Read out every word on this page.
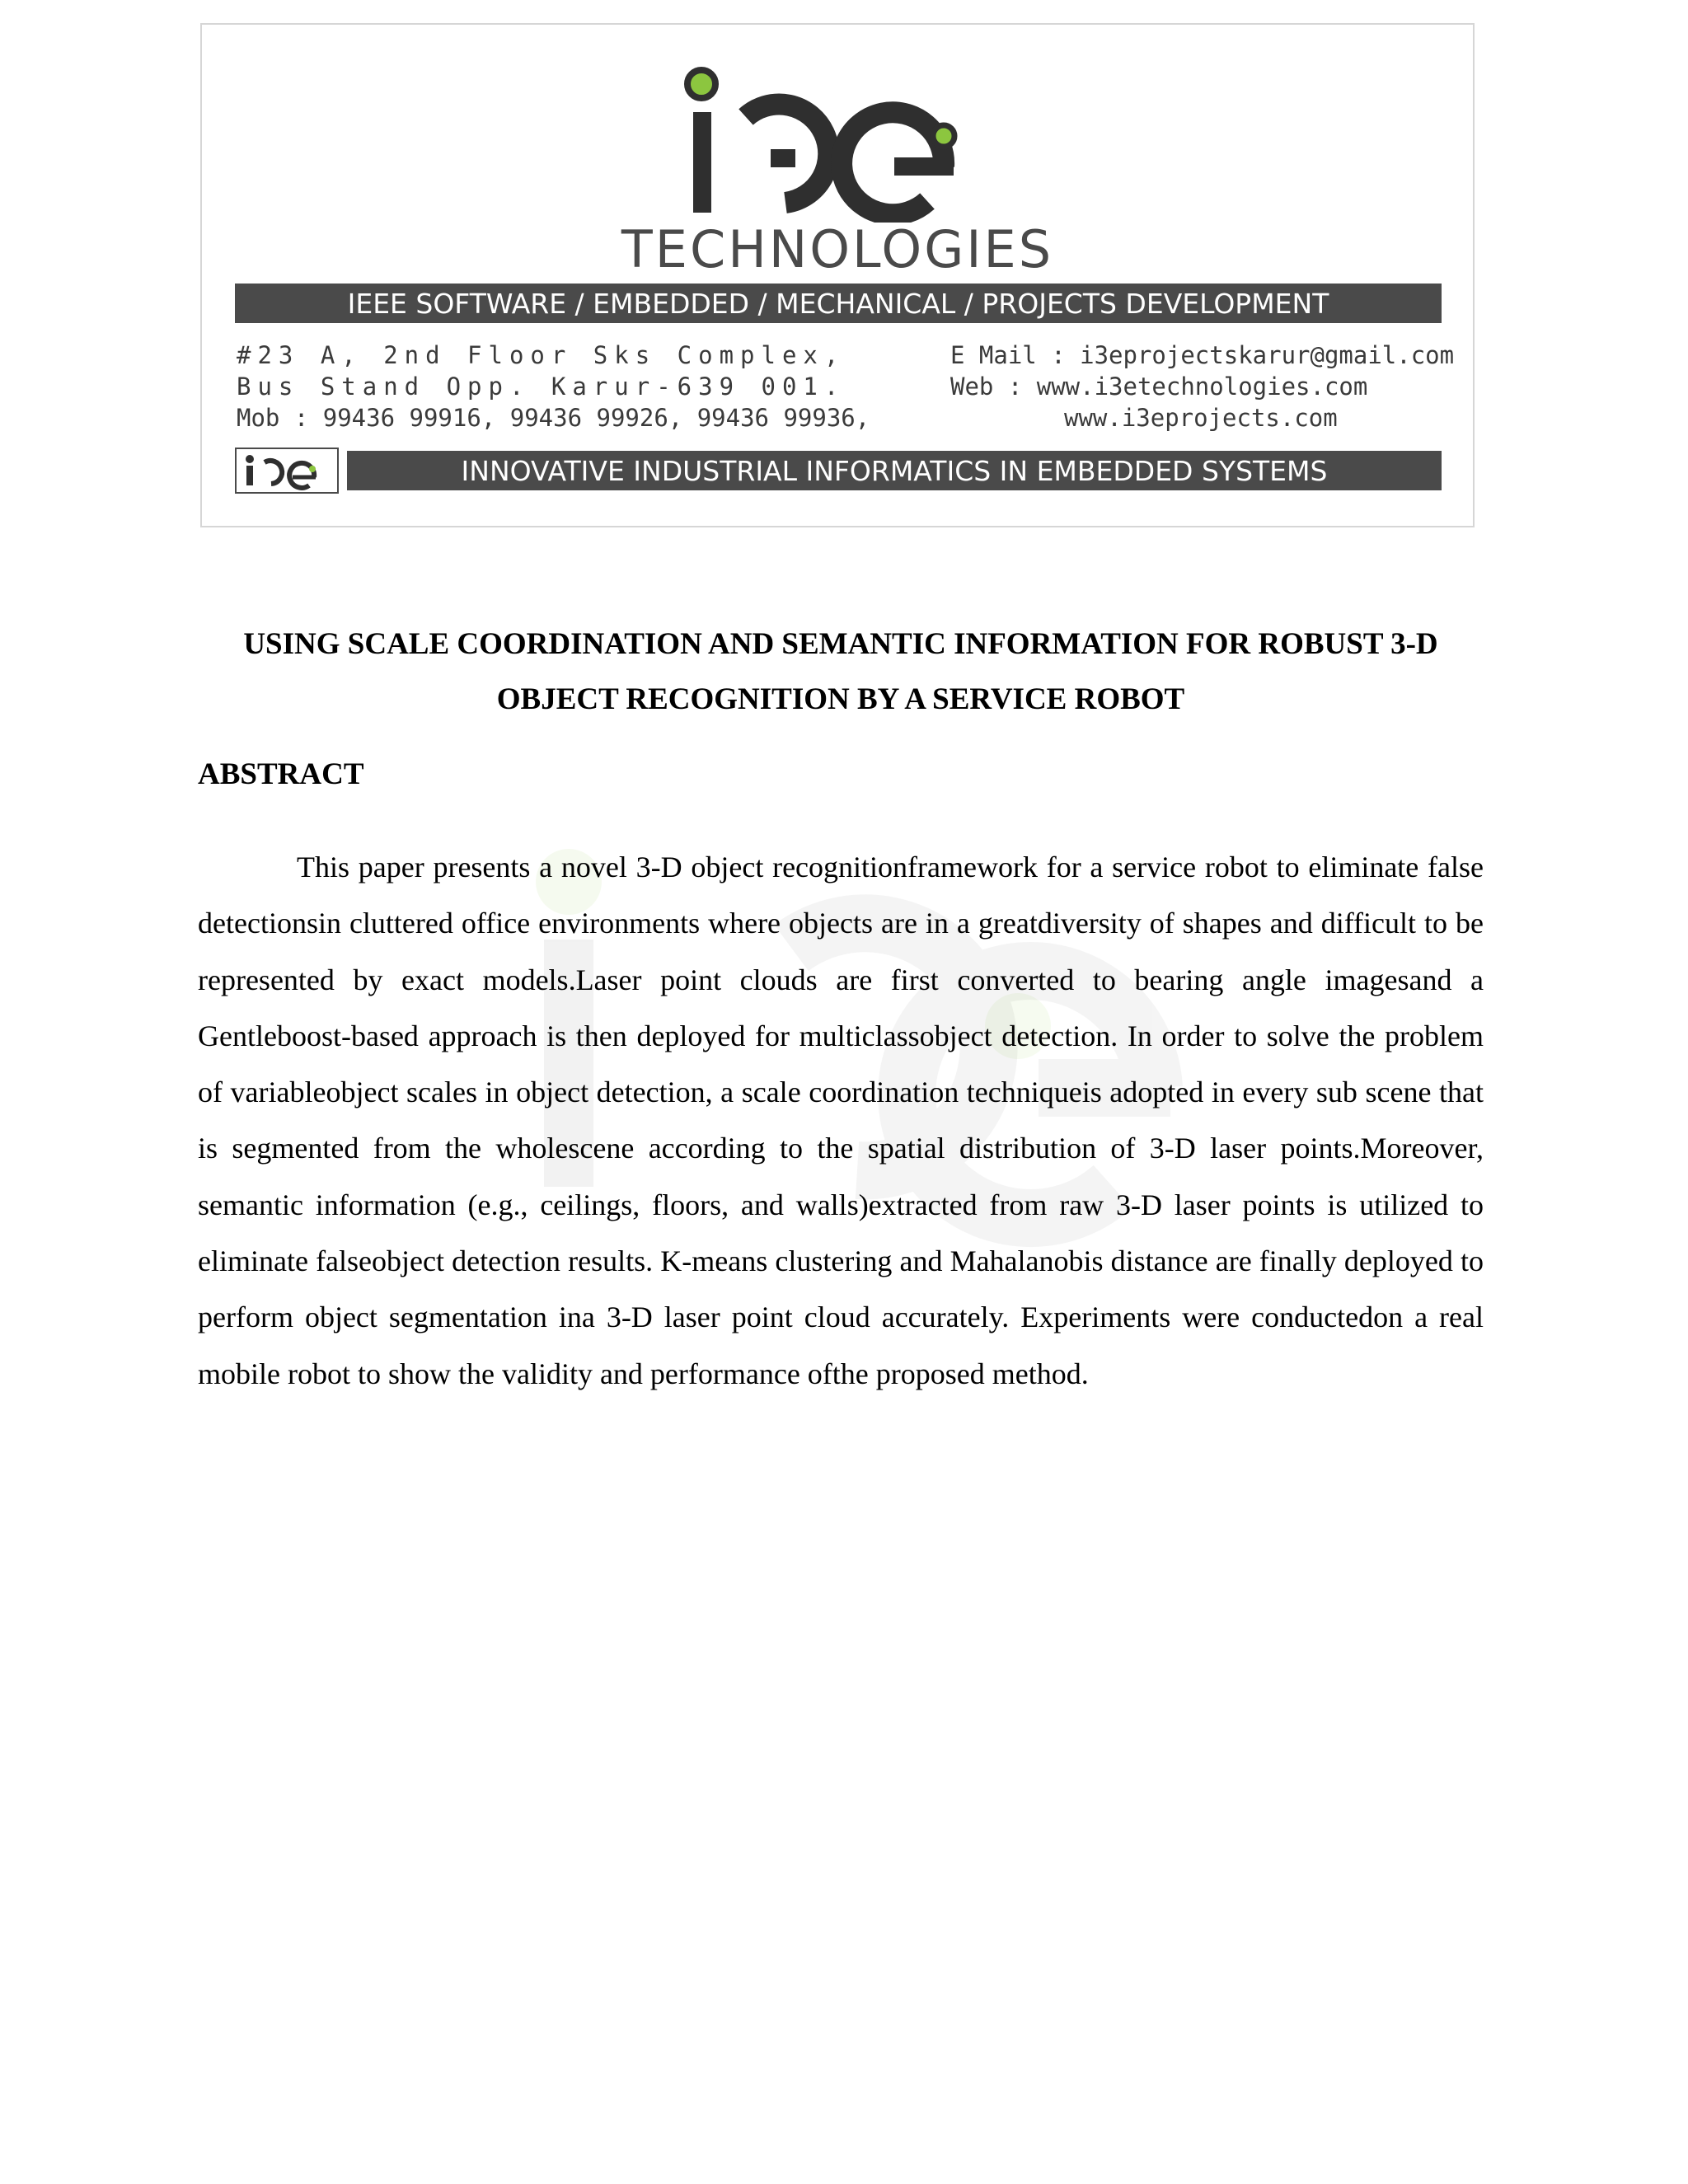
TECHNOLOGIES

IEEE SOFTWARE / EMBEDDED / MECHANICAL / PROJECTS DEVELOPMENT

#23 A, 2nd Floor Sks Complex,
Bus Stand Opp. Karur-639 001.
Mob : 99436 99916, 99436 99926, 99436 99936,

E Mail : i3eprojectskarur@gmail.com
Web : www.i3etechnologies.com
www.i3eprojects.com

INNOVATIVE INDUSTRIAL INFORMATICS IN EMBEDDED SYSTEMS
USING SCALE COORDINATION AND SEMANTIC INFORMATION FOR ROBUST 3-D OBJECT RECOGNITION BY A SERVICE ROBOT
ABSTRACT

This paper presents a novel 3-D object recognitionframework for a service robot to eliminate false detectionsin cluttered office environments where objects are in a greatdiversity of shapes and difficult to be represented by exact models.Laser point clouds are first converted to bearing angle imagesand a Gentleboost-based approach is then deployed for multiclassobject detection. In order to solve the problem of variableobject scales in object detection, a scale coordination techniqueis adopted in every sub scene that is segmented from the wholescene according to the spatial distribution of 3-D laser points.Moreover, semantic information (e.g., ceilings, floors, and walls)extracted from raw 3-D laser points is utilized to eliminate falseobject detection results. K-means clustering and Mahalanobis distance are finally deployed to perform object segmentation ina 3-D laser point cloud accurately. Experiments were conductedon a real mobile robot to show the validity and performance ofthe proposed method.
